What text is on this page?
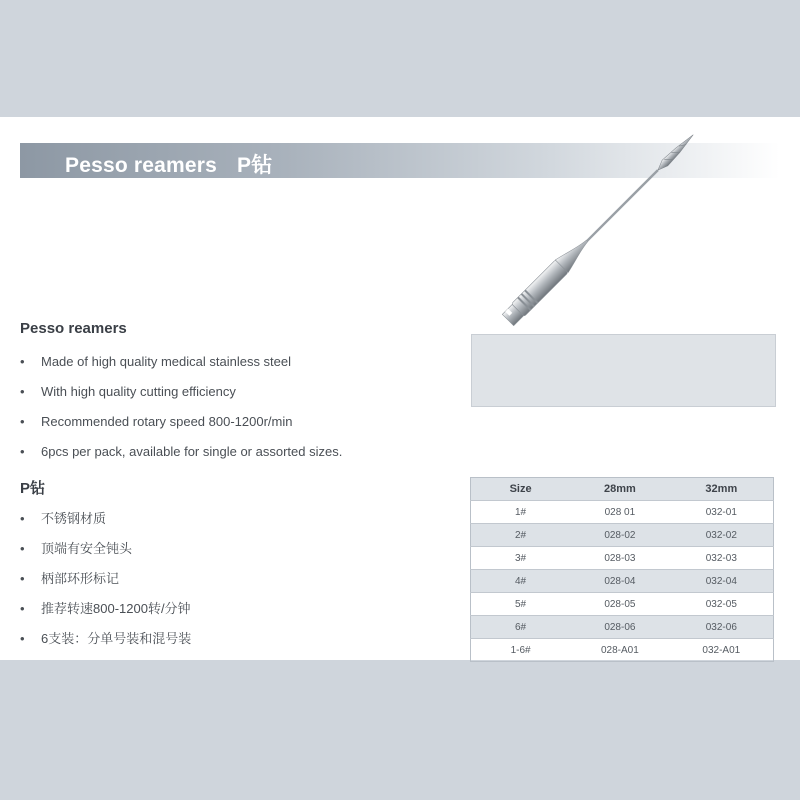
Pesso reamers P钻
Pesso reamers
• Made of high quality medical stainless steel
• With high quality cutting efficiency
• Recommended rotary speed 800-1200r/min
• 6pcs per pack, available for single or assorted sizes.
P钻
• 不锈钢材质
• 顶端有安全钝头
• 柄部环形标记
• 推荐转速800-1200转/分钟
• 6支装：分单号装和混号装
Size	28mm	32mm
1#	028 01	032-01
2#	028-02	032-02
3#	028-03	032-03
4#	028-04	032-04
5#	028-05	032-05
6#	028-06	032-06
1-6#	028-A01	032-A01
